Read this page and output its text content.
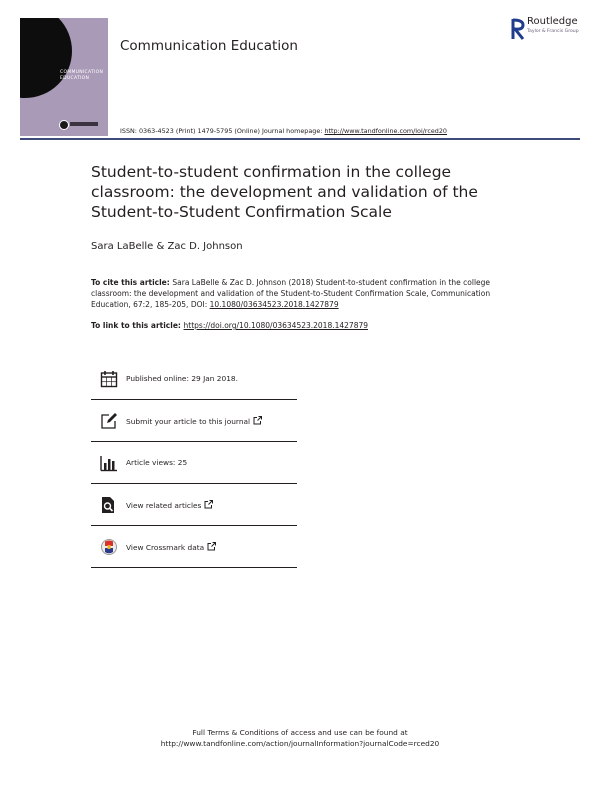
COMMUNICATION EDUCATION
Communication Education
Routledge
Taylor & Francis Group
ISSN: 0363-4523 (Print) 1479-5795 (Online) Journal homepage: http://www.tandfonline.com/loi/rced20
Student-to-student confirmation in the college classroom: the development and validation of the Student-to-Student Confirmation Scale
Sara LaBelle & Zac D. Johnson
To cite this article: Sara LaBelle & Zac D. Johnson (2018) Student-to-student confirmation in the college classroom: the development and validation of the Student-to-Student Confirmation Scale, Communication Education, 67:2, 185-205, DOI: 10.1080/03634523.2018.1427879
To link to this article: https://doi.org/10.1080/03634523.2018.1427879
Published online: 29 Jan 2018.
Submit your article to this journal
Article views: 25
View related articles
View Crossmark data
Full Terms & Conditions of access and use can be found at
http://www.tandfonline.com/action/journalInformation?journalCode=rced20
